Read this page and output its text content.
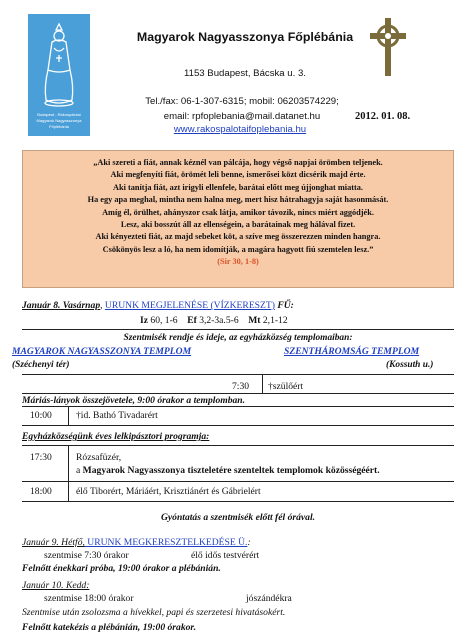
Budapest - Rákospalotai
Magyarok Nagyasszonya
Főplébánia
Magyarok Nagyasszonya Főplébánia
1153 Budapest, Bácska u. 3.
Tel./fax: 06-1-307-6315; mobil: 06203574229;
email: rpfoplebania@mail.datanet.hu
www.rakospalotaifoplebania.hu
2012. 01. 08.
„Aki szereti a fiát, annak kéznél van pálcája, hogy végső napjai örömben teljenek.
Aki megfenyíti fiát, örömét leli benne, ismerősei közt dicsérik majd érte.
Aki tanítja fiát, azt irigyli ellenfele, barátai előtt meg újjonghat miatta.
Ha egy apa meghal, mintha nem halna meg, mert hisz hátrahagyja saját hasonmását.
Amíg él, örülhet, ahányszor csak látja, amikor távozik, nincs miért aggódjék.
Lesz, aki bosszút áll az ellenségein, a barátainak meg hálával fizet.
Aki kényezteti fiát, az majd sebeket köt, a szíve meg összerezzen minden hangra.
Csökönyös lesz a ló, ha nem idomítják, a magára hagyott fiú szemtelen lesz.”
(Sir 30, 1-8)
Január 8. Vasárnap, URUNK MEGJELENÉSE (VÍZKERESZT) FŰ:
Iz 60, 1-6 Ef 3,2-3a.5-6 Mt 2,1-12
Szentmisék rendje és ideje, az egyházközség templomaiban:
MAGYAROK NAGYASSZONYA TEMPLOM	SZENTHÁROMSÁG TEMPLOM
(Széchenyi tér)	(Kossuth u.)
7:30 †szülőért
Máriás-lányok összejövetele, 9:00 órakor a templomban.
10:00	†id. Bathó Tivadarért
Egyházközségünk éves lelkipásztori programja:
17:30	Rózsafüzér,
a Magyarok Nagyasszonya tiszteletére szenteltek templomok közösségéért.
18:00	élő Tiborért, Máriáért, Krisztiánért és Gábrielért
Gyóntatás a szentmisék előtt fél órával.
Január 9. Hétfő, URUNK MEGKERESZTELKEDÉSE Ü.:
szentmise 7:30 órakor	élő idős testvérért
Felnőtt énekkari próba, 19:00 órakor a plébánián.
Január 10. Kedd:
szentmise 18:00 órakor	jószándékra
Szentmise után zsolozsma a hívekkel, papi és szerzetesi hivatásokért.
Felnőtt katekézis a plébánián, 19:00 órakor.
